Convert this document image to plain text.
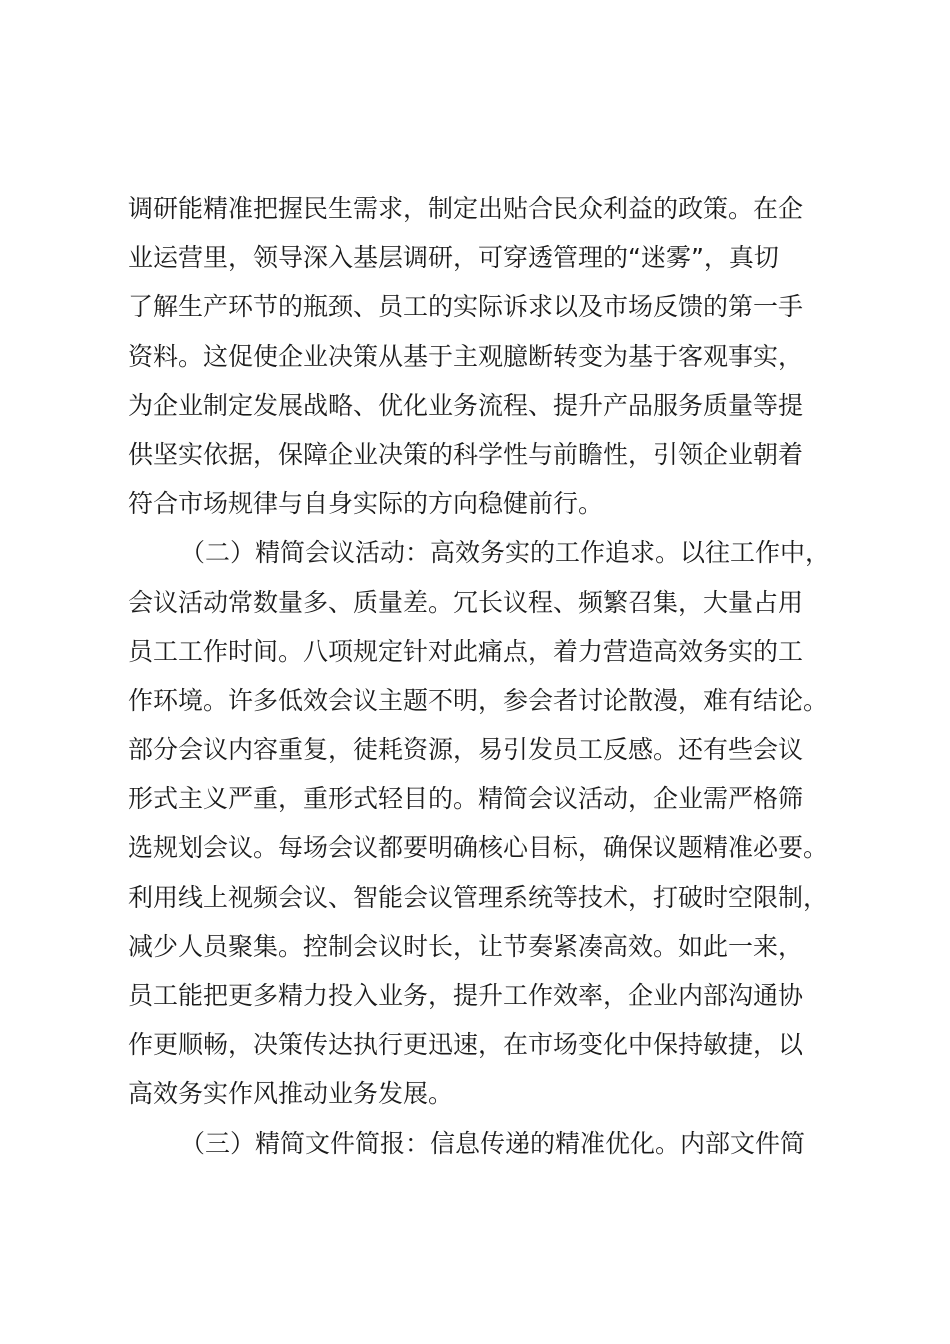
调研能精准把握民生需求，制定出贴合民众利益的政策。在企
业运营里，领导深入基层调研，可穿透管理的“迷雾”，真切
了解生产环节的瓶颈、员工的实际诉求以及市场反馈的第一手
资料。这促使企业决策从基于主观臆断转变为基于客观事实，
为企业制定发展战略、优化业务流程、提升产品服务质量等提
供坚实依据，保障企业决策的科学性与前瞻性，引领企业朝着
符合市场规律与自身实际的方向稳健前行。
（二）精简会议活动：高效务实的工作追求。以往工作中，
会议活动常数量多、质量差。冗长议程、频繁召集，大量占用
员工工作时间。八项规定针对此痛点，着力营造高效务实的工
作环境。许多低效会议主题不明，参会者讨论散漫，难有结论。
部分会议内容重复，徒耗资源，易引发员工反感。还有些会议
形式主义严重，重形式轻目的。精简会议活动，企业需严格筛
选规划会议。每场会议都要明确核心目标，确保议题精准必要。
利用线上视频会议、智能会议管理系统等技术，打破时空限制，
减少人员聚集。控制会议时长，让节奏紧凑高效。如此一来，
员工能把更多精力投入业务，提升工作效率，企业内部沟通协
作更顺畅，决策传达执行更迅速，在市场变化中保持敏捷，以
高效务实作风推动业务发展。
（三）精简文件简报：信息传递的精准优化。内部文件简
